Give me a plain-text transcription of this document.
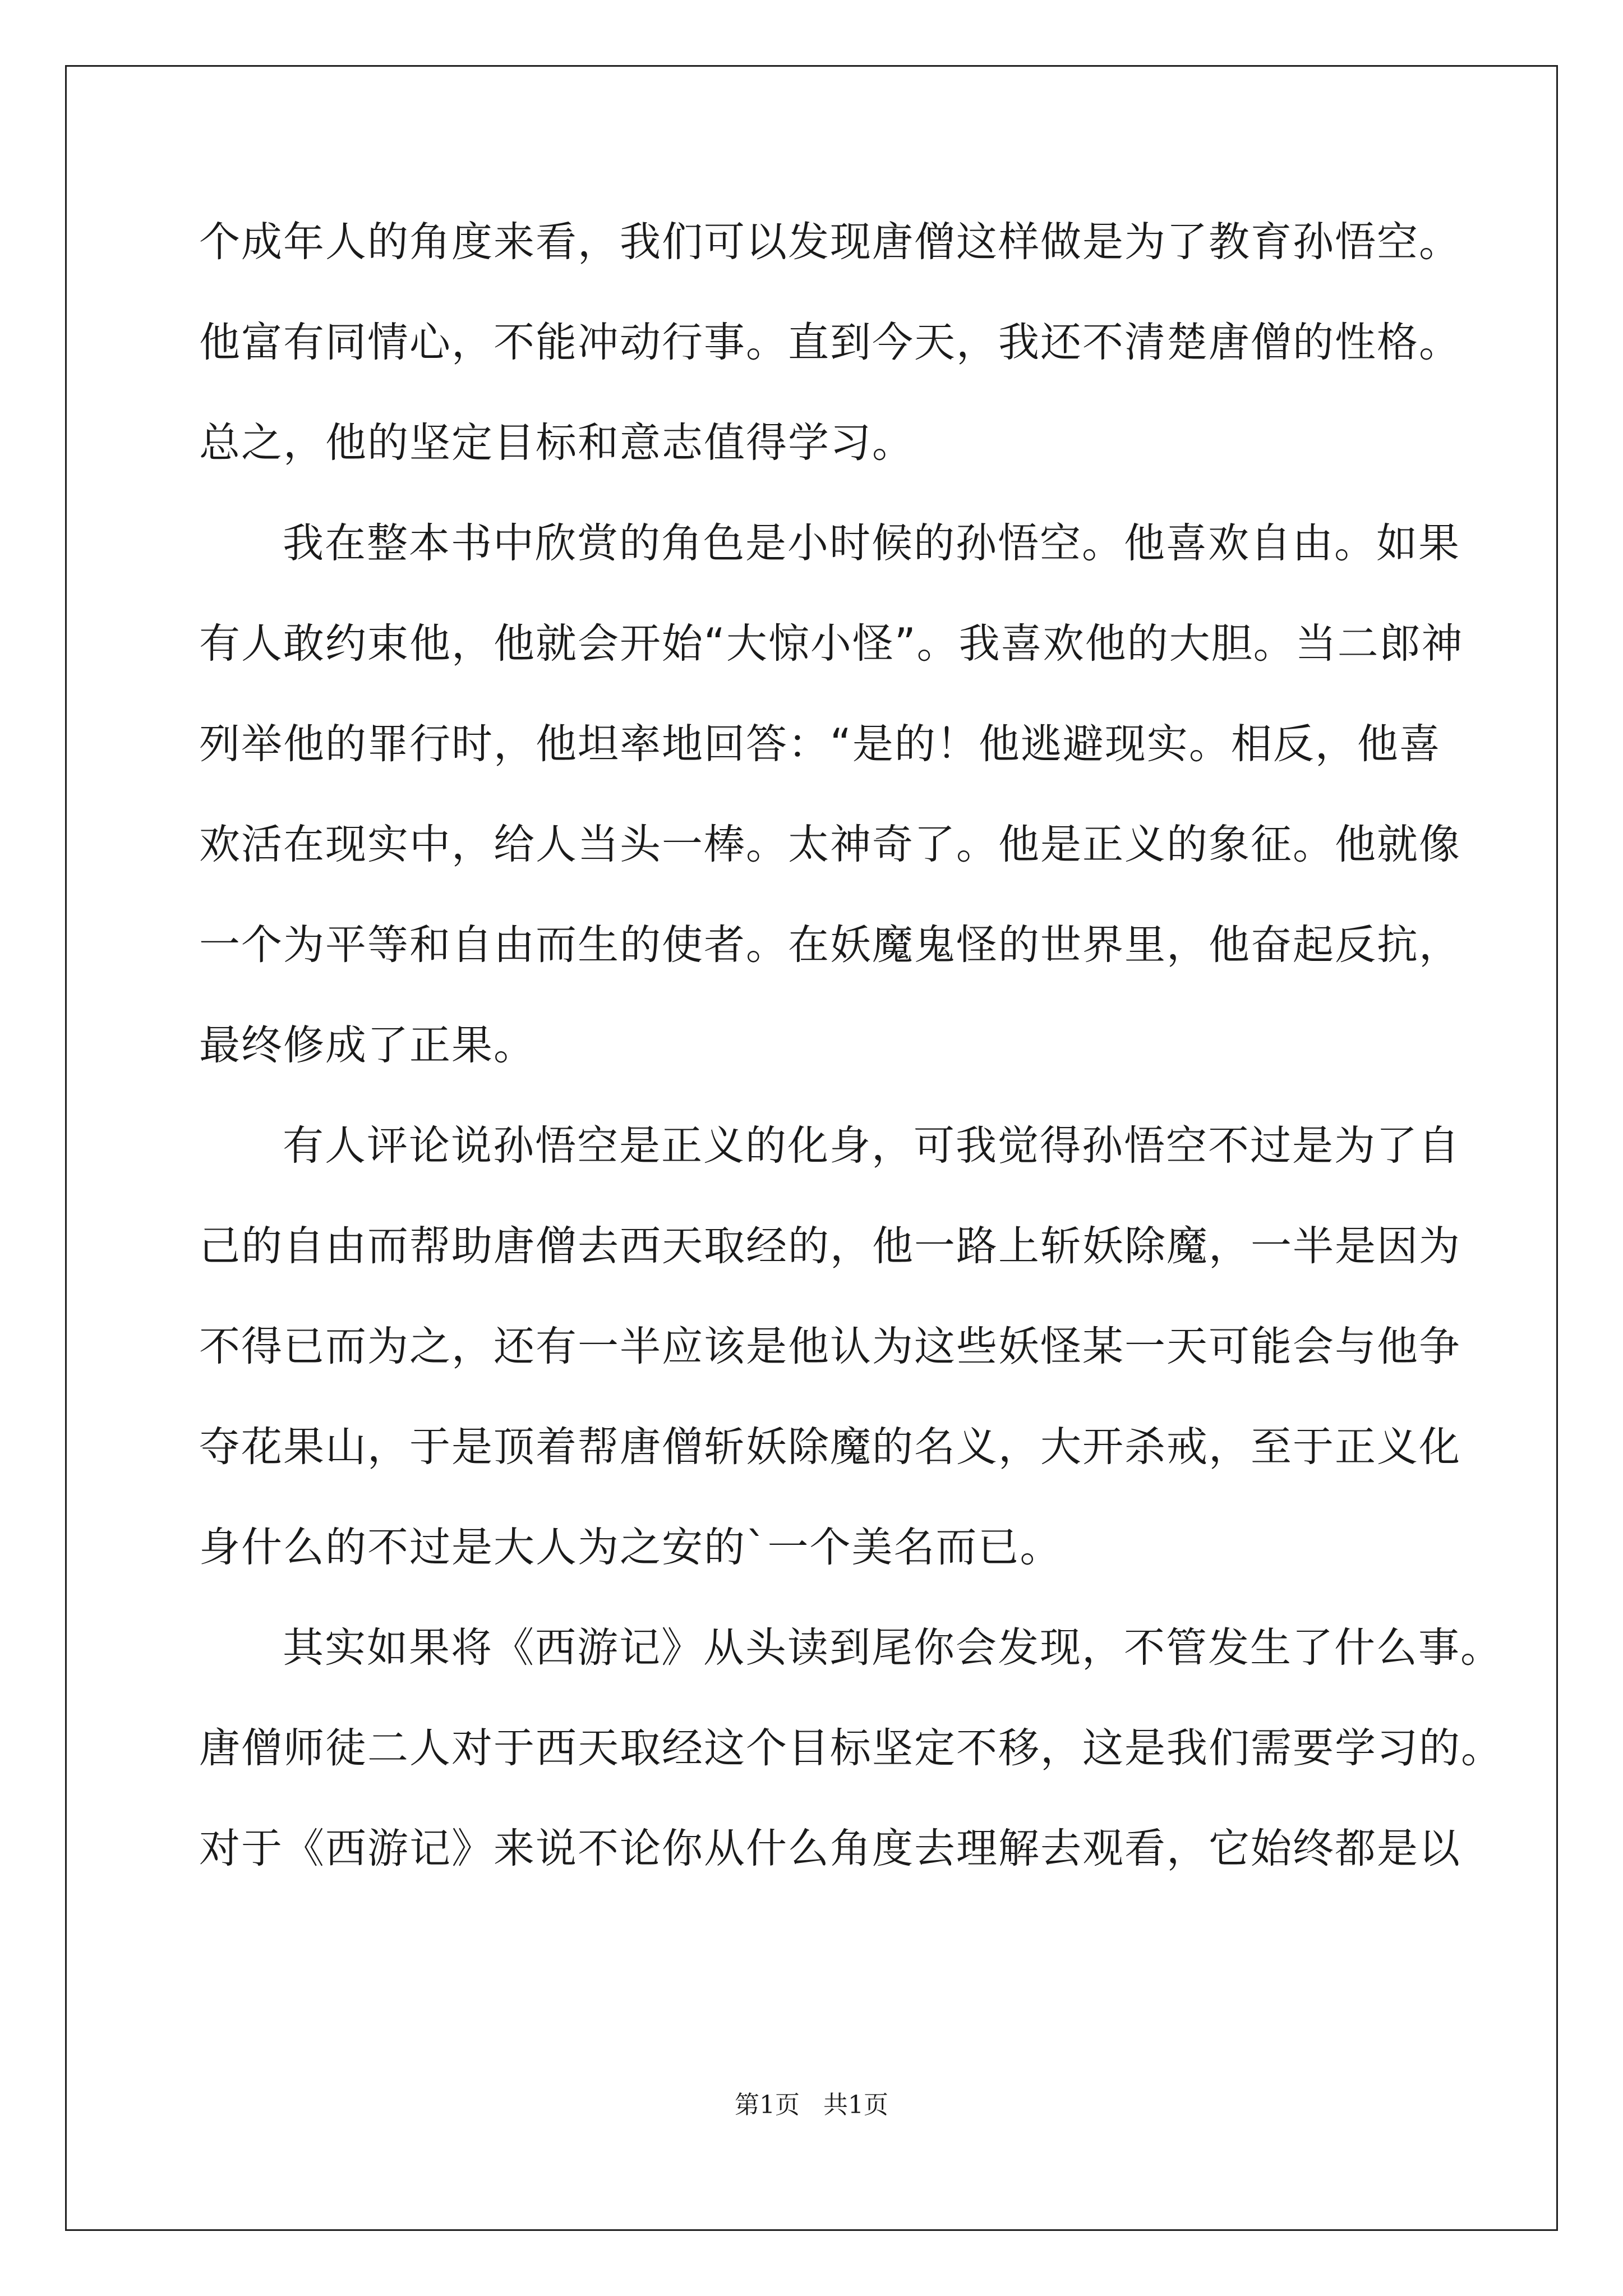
个成年人的角度来看，我们可以发现唐僧这样做是为了教育孙悟空。
他富有同情心，不能冲动行事。直到今天，我还不清楚唐僧的性格。
总之，他的坚定目标和意志值得学习。
我在整本书中欣赏的角色是小时候的孙悟空。他喜欢自由。如果
有人敢约束他，他就会开始“大惊小怪”。我喜欢他的大胆。当二郎神
列举他的罪行时，他坦率地回答：“是的！他逃避现实。相反，他喜
欢活在现实中，给人当头一棒。太神奇了。他是正义的象征。他就像
一个为平等和自由而生的使者。在妖魔鬼怪的世界里，他奋起反抗，
最终修成了正果。
有人评论说孙悟空是正义的化身，可我觉得孙悟空不过是为了自
己的自由而帮助唐僧去西天取经的，他一路上斩妖除魔，一半是因为
不得已而为之，还有一半应该是他认为这些妖怪某一天可能会与他争
夺花果山，于是顶着帮唐僧斩妖除魔的名义，大开杀戒，至于正义化
身什么的不过是大人为之安的`一个美名而已。
其实如果将《西游记》从头读到尾你会发现，不管发生了什么事。
唐僧师徒二人对于西天取经这个目标坚定不移，这是我们需要学习的。
对于《西游记》来说不论你从什么角度去理解去观看，它始终都是以
第1页   共1页
